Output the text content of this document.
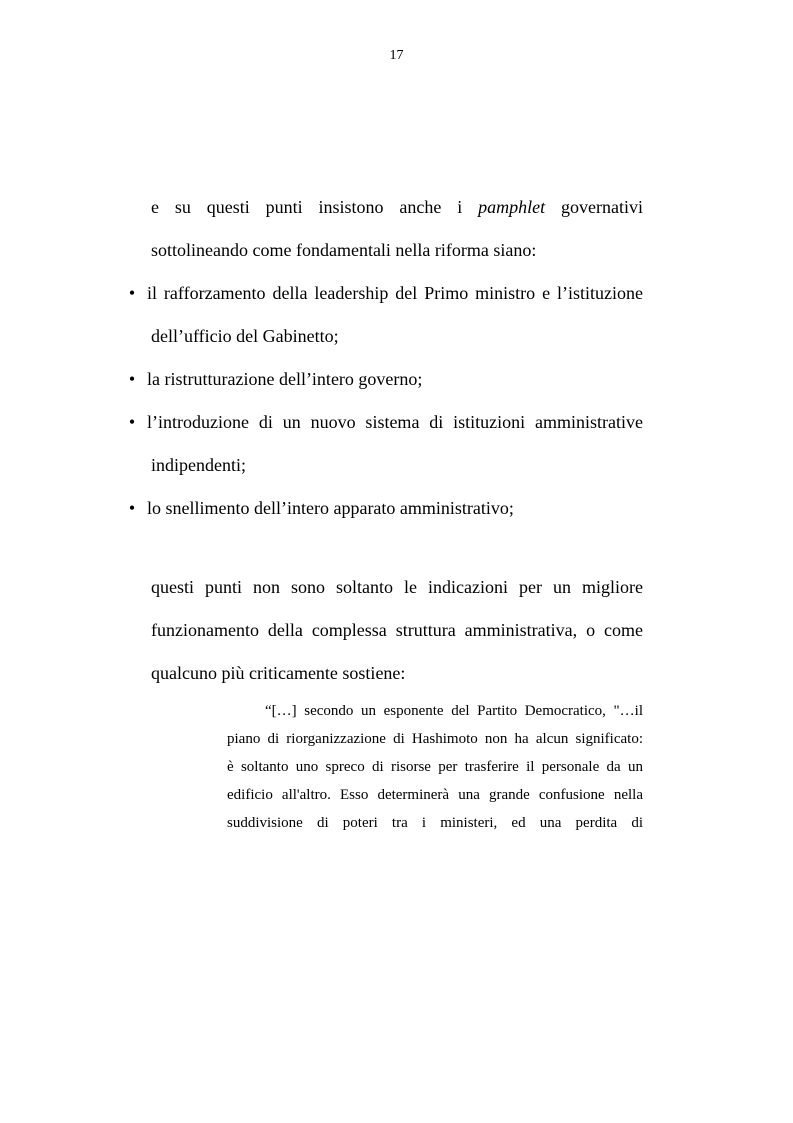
17
e su questi punti insistono anche i pamphlet governativi
sottolineando come fondamentali nella riforma siano:
• il rafforzamento della leadership del Primo ministro e l’istituzione
dell’ufficio del Gabinetto;
• la ristrutturazione dell’intero governo;
• l’introduzione di un nuovo sistema di istituzioni amministrative
indipendenti;
• lo snellimento dell’intero apparato amministrativo;
questi punti non sono soltanto le indicazioni per un migliore
funzionamento della complessa struttura amministrativa, o come
qualcuno più criticamente sostiene:
“[…] secondo un esponente del Partito Democratico, "…il
piano di riorganizzazione di Hashimoto non ha alcun significato:
è soltanto uno spreco di risorse per trasferire il personale da un
edificio all'altro. Esso determinerà una grande confusione nella
suddivisione di poteri tra i ministeri, ed una perdita di
